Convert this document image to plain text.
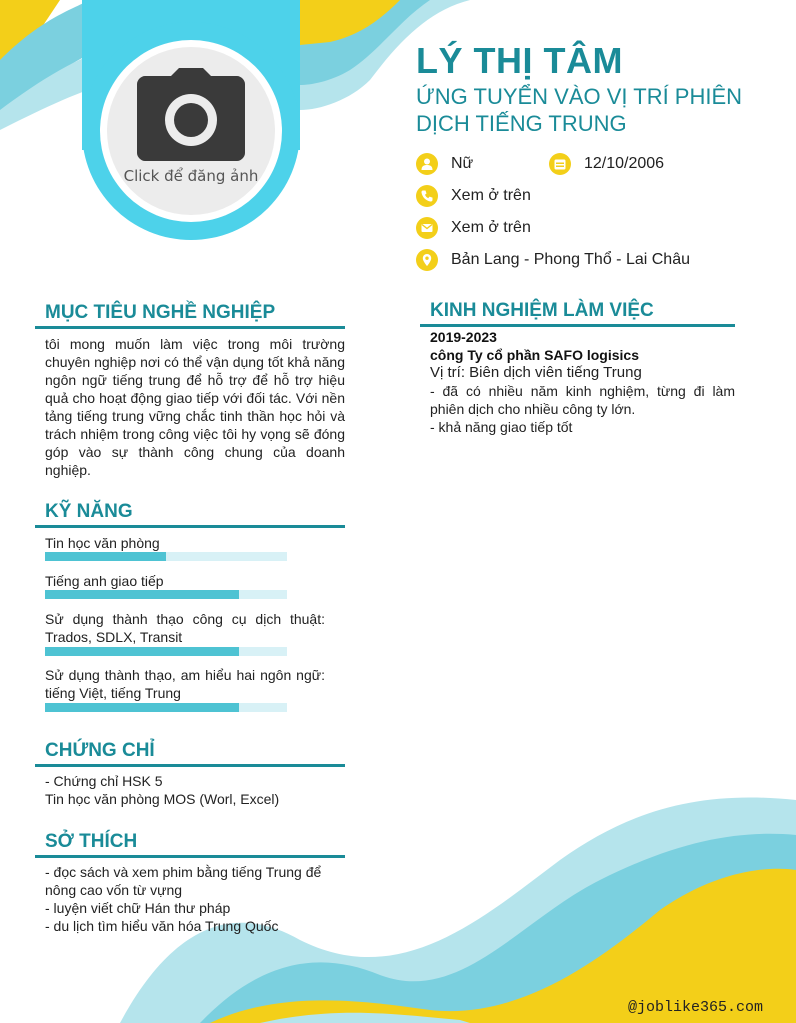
Click để đăng ảnh
LÝ THỊ TÂM
ỨNG TUYỂN VÀO VỊ TRÍ PHIÊN
DỊCH TIẾNG TRUNG
Nữ	12/10/2006
Xem ở trên
Xem ở trên
Bản Lang - Phong Thổ - Lai Châu
MỤC TIÊU NGHỀ NGHIỆP
tôi mong muốn làm việc trong môi trường chuyên nghiệp nơi có thể vận dụng tốt khả năng ngôn ngữ tiếng trung để hỗ trợ để hỗ trợ hiệu quả cho hoạt động giao tiếp với đối tác. Với nền tảng tiếng trung vững chắc tinh thần học hỏi và trách nhiệm trong công việc tôi hy vọng sẽ đóng góp vào sự thành công chung của doanh nghiệp.
KỸ NĂNG
Tin học văn phòng
Tiếng anh giao tiếp
Sử dụng thành thạo công cụ dịch thuật: Trados, SDLX, Transit
Sử dụng thành thạo, am hiểu hai ngôn ngữ: tiếng Việt, tiếng Trung
CHỨNG CHỈ
- Chứng chỉ HSK 5
Tin học văn phòng MOS (Worl, Excel)
SỞ THÍCH
- đọc sách và xem phim bằng tiếng Trung để
nông cao vốn từ vựng
- luyện viết chữ Hán thư pháp
- du lịch tìm hiểu văn hóa Trung Quốc
KINH NGHIỆM LÀM VIỆC
2019-2023
công Ty cổ phần SAFO logisics
Vị trí: Biên dịch viên tiếng Trung
- đã có nhiều năm kinh nghiệm, từng đi làm phiên dịch cho nhiều công ty lớn.
- khả năng giao tiếp tốt
@joblike365.com
